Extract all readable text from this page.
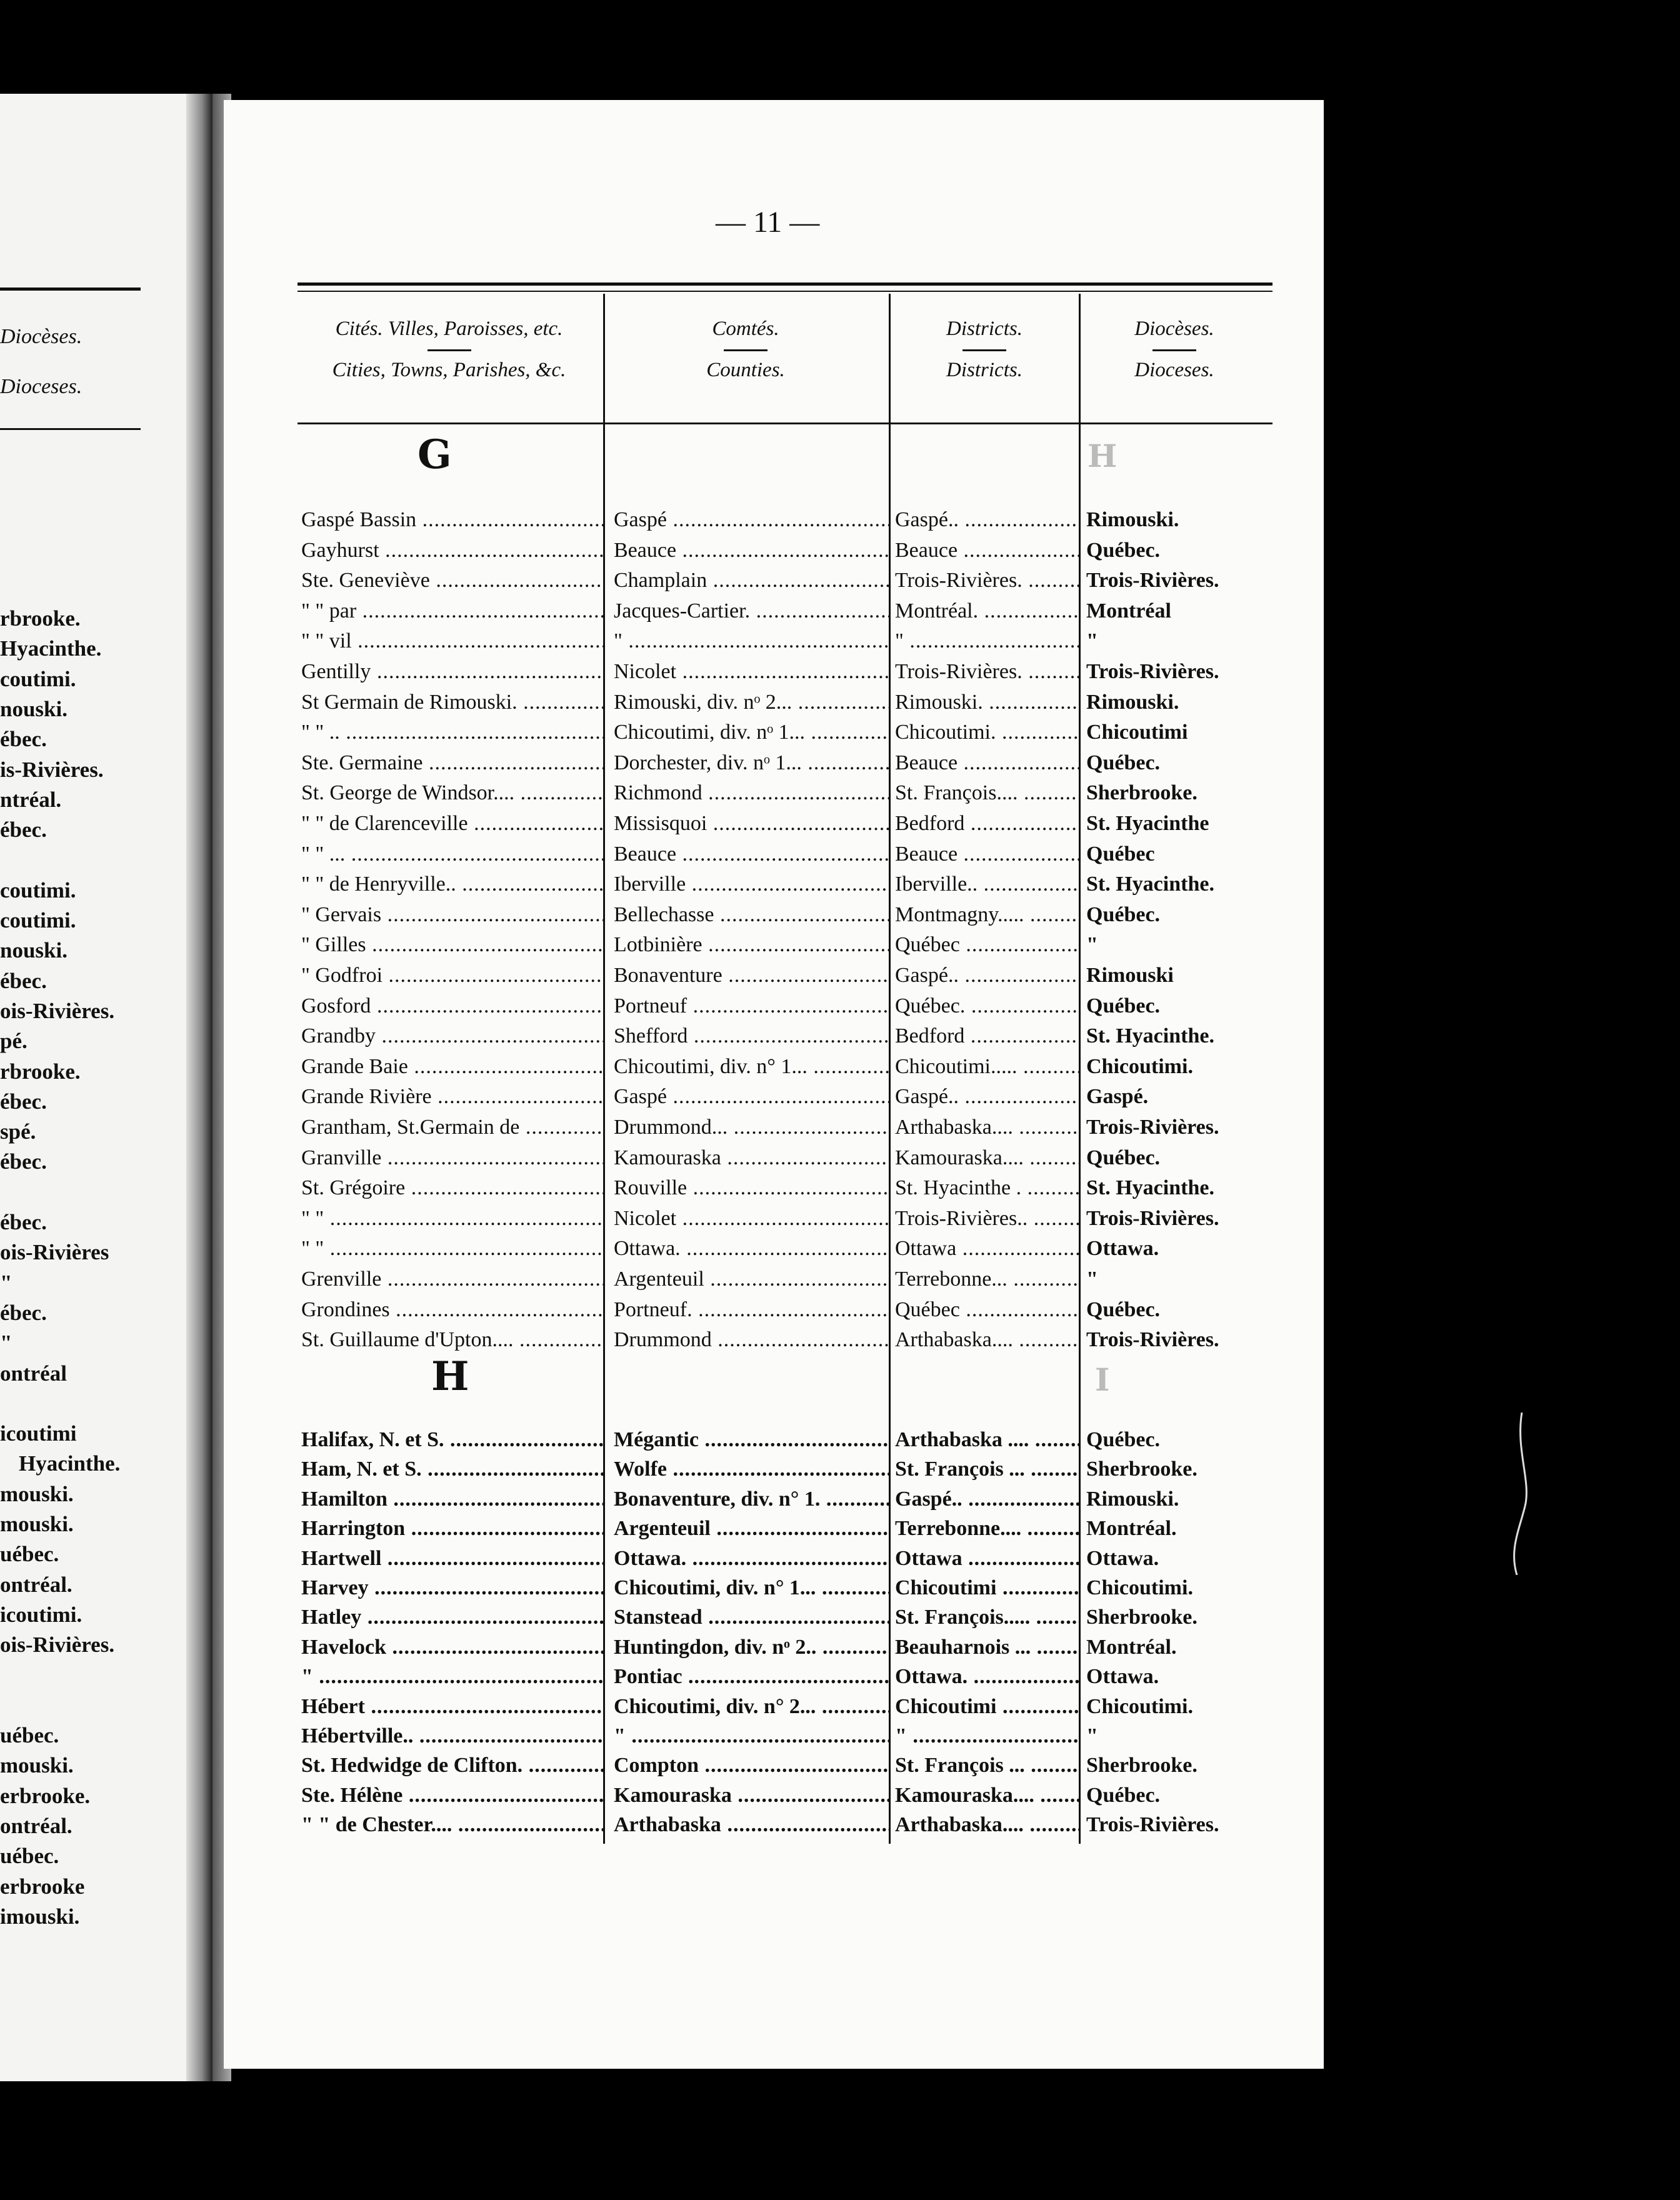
Diocèses.
Dioceses.
rbrooke.
Hyacinthe.
coutimi.
nouski.
ébec.
is-Rivières.
ntréal.
ébec.
coutimi.
coutimi.
nouski.
ébec.
ois-Rivières.
pé.
rbrooke.
ébec.
spé.
ébec.
ébec.
ois-Rivières
"
ébec.
"
ontréal
icoutimi
Hyacinthe.
mouski.
mouski.
uébec.
ontréal.
icoutimi.
ois-Rivières.
uébec.
mouski.
erbrooke.
ontréal.
uébec.
erbrooke
imouski.
— 11 —
Cités. Villes, Paroisses, etc.
Cities, Towns, Parishes, &c.
Comtés.
Counties.
Districts.
Districts.
Diocèses.
Dioceses.
G	H
Gaspé Bassin .....	Gaspé .....	Gaspé.. .....	Rimouski.
Gayhurst .....	Beauce .....	Beauce .....	Québec.
Ste. Geneviève .....	Champlain .....	Trois-Rivières. .....	Trois-Rivières.
" " par .....	Jacques-Cartier. .....	Montréal. .....	Montréal
" " vil .....	" .....	" .....	"
Gentilly .....	Nicolet .....	Trois-Rivières. .....	Trois-Rivières.
St Germain de Rimouski. .....	Rimouski, div. nᵒ 2... .....	Rimouski. .....	Rimouski.
" " .. .....	Chicoutimi, div. nᵒ 1... .....	Chicoutimi. .....	Chicoutimi
Ste. Germaine .....	Dorchester, div. nᵒ 1... .....	Beauce .....	Québec.
St. George de Windsor.... .....	Richmond .....	St. François.... .....	Sherbrooke.
" " de Clarenceville .....	Missisquoi .....	Bedford .....	St. Hyacinthe
" " ... .....	Beauce .....	Beauce .....	Québec
" " de Henryville.. .....	Iberville .....	Iberville.. .....	St. Hyacinthe.
" Gervais .....	Bellechasse .....	Montmagny..... .....	Québec.
" Gilles .....	Lotbinière .....	Québec .....	"
" Godfroi .....	Bonaventure .....	Gaspé.. .....	Rimouski
Gosford .....	Portneuf .....	Québec. .....	Québec.
Grandby .....	Shefford .....	Bedford .....	St. Hyacinthe.
Grande Baie .....	Chicoutimi, div. n° 1... .....	Chicoutimi..... .....	Chicoutimi.
Grande Rivière .....	Gaspé .....	Gaspé.. .....	Gaspé.
Grantham, St.Germain de .....	Drummond... .....	Arthabaska.... .....	Trois-Rivières.
Granville .....	Kamouraska .....	Kamouraska.... .....	Québec.
St. Grégoire .....	Rouville .....	St. Hyacinthe . .....	St. Hyacinthe.
" " .....	Nicolet .....	Trois-Rivières.. .....	Trois-Rivières.
" " .....	Ottawa. .....	Ottawa .....	Ottawa.
Grenville .....	Argenteuil .....	Terrebonne... .....	"
Grondines .....	Portneuf. .....	Québec .....	Québec.
St. Guillaume d'Upton.... .....	Drummond .....	Arthabaska.... .....	Trois-Rivières.
H	I
Halifax, N. et S. .....	Mégantic .....	Arthabaska .... .....	Québec.
Ham, N. et S. .....	Wolfe .....	St. François ... .....	Sherbrooke.
Hamilton .....	Bonaventure, div. n° 1. .....	Gaspé.. .....	Rimouski.
Harrington .....	Argenteuil .....	Terrebonne.... .....	Montréal.
Hartwell .....	Ottawa. .....	Ottawa .....	Ottawa.
Harvey .....	Chicoutimi, div. n° 1... .....	Chicoutimi .....	Chicoutimi.
Hatley .....	Stanstead .....	St. François..... .....	Sherbrooke.
Havelock .....	Huntingdon, div. nᵒ 2.. .....	Beauharnois ... .....	Montréal.
" .....	Pontiac .....	Ottawa. .....	Ottawa.
Hébert .....	Chicoutimi, div. n° 2... .....	Chicoutimi .....	Chicoutimi.
Hébertville.. .....	" .....	" .....	"
St. Hedwidge de Clifton. .....	Compton .....	St. François ... .....	Sherbrooke.
Ste. Hélène .....	Kamouraska .....	Kamouraska.... .....	Québec.
" " de Chester.... .....	Arthabaska .....	Arthabaska.... .....	Trois-Rivières.
